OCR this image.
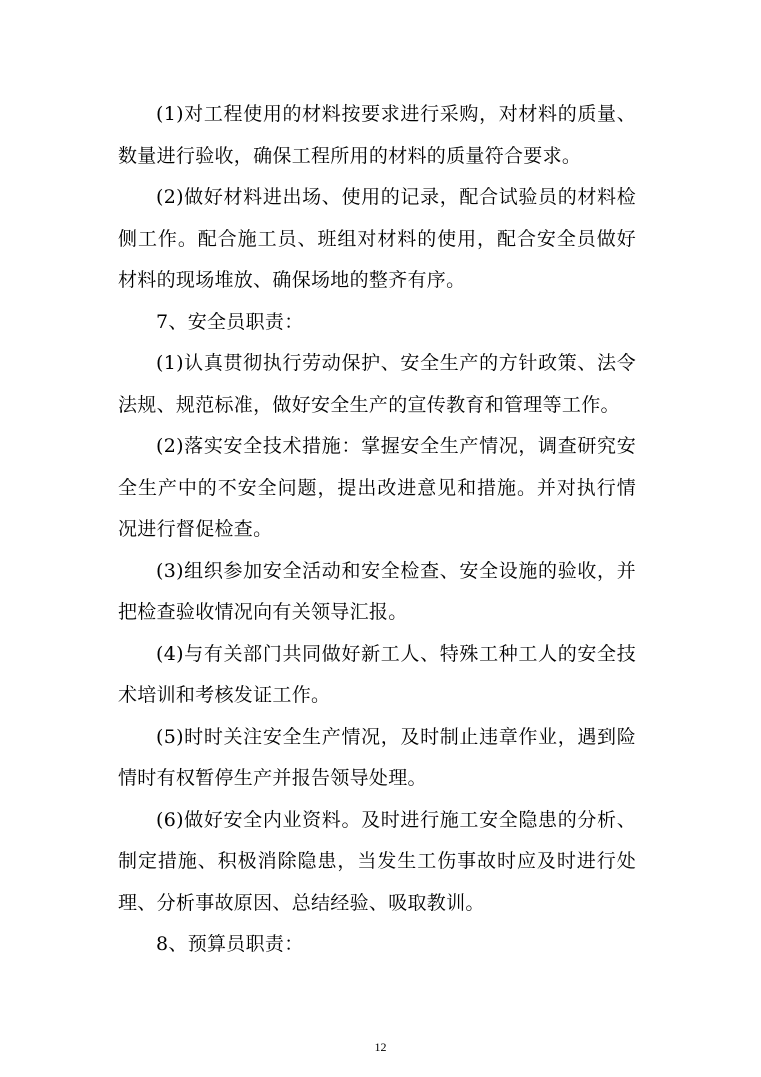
(1)对工程使用的材料按要求进行采购，对材料的质量、数量进行验收，确保工程所用的材料的质量符合要求。

(2)做好材料进出场、使用的记录，配合试验员的材料检侧工作。配合施工员、班组对材料的使用，配合安全员做好材料的现场堆放、确保场地的整齐有序。

7、安全员职责：

(1)认真贯彻执行劳动保护、安全生产的方针政策、法令法规、规范标准，做好安全生产的宣传教育和管理等工作。

(2)落实安全技术措施：掌握安全生产情况，调查研究安全生产中的不安全问题，提出改进意见和措施。并对执行情况进行督促检查。

(3)组织参加安全活动和安全检查、安全设施的验收，并把检查验收情况向有关领导汇报。

(4)与有关部门共同做好新工人、特殊工种工人的安全技术培训和考核发证工作。

(5)时时关注安全生产情况，及时制止违章作业，遇到险情时有权暂停生产并报告领导处理。

(6)做好安全内业资料。及时进行施工安全隐患的分析、制定措施、积极消除隐患，当发生工伤事故时应及时进行处理、分析事故原因、总结经验、吸取教训。

8、预算员职责：

12
